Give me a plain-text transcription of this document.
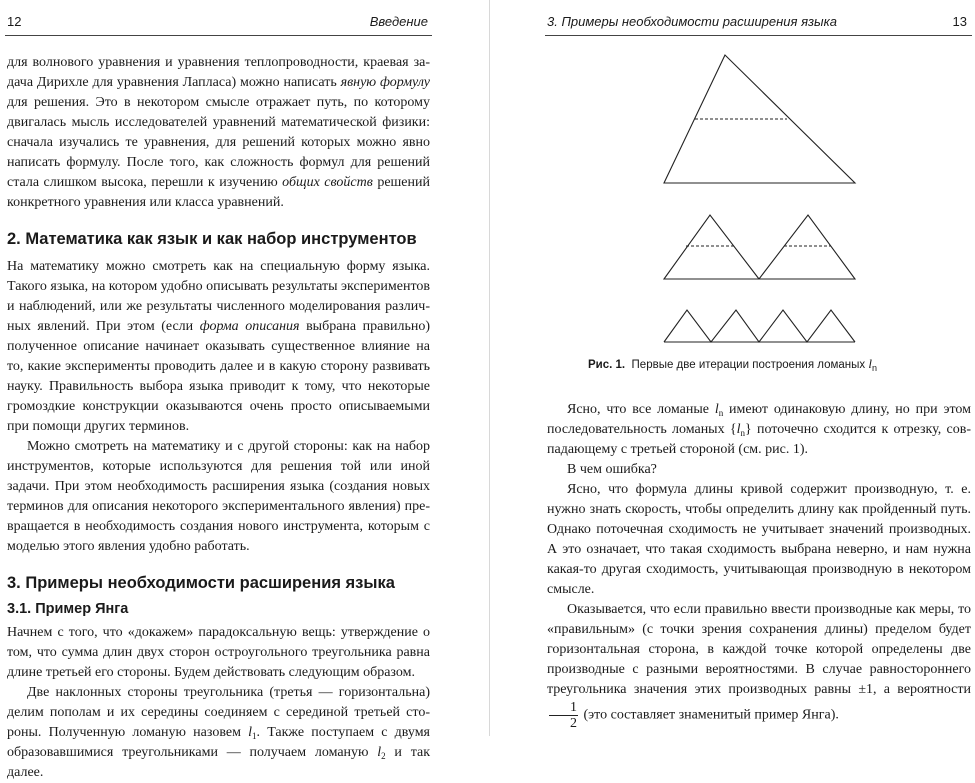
12	Введение

для волнового уравнения и уравнения теплопроводности, краевая за- дача Дирихле для уравнения Лапласа) можно написать явную формулу для решения. Это в некотором смысле отражает путь, по которому двигалась мысль исследователей уравнений математической физики: сначала изучались те уравнения, для решений которых можно явно написать формулу. После того, как сложность формул для решений стала слишком высока, перешли к изучению общих свойств решений конкретного уравнения или класса уравнений.

2. Математика как язык и как набор инструментов

На математику можно смотреть как на специальную форму языка. Такого языка, на котором удобно описывать результаты экспериментов и наблюдений, или же результаты численного моделирования различ- ных явлений. При этом (если форма описания выбрана правильно) полученное описание начинает оказывать существенное влияние на то, какие эксперименты проводить далее и в какую сторону развивать науку. Правильность выбора языка приводит к тому, что некоторые громоздкие конструкции оказываются очень просто описываемыми при помощи других терминов.

Можно смотреть на математику и с другой стороны: как на набор инструментов, которые используются для решения той или иной задачи. При этом необходимость расширения языка (создания новых терминов для описания некоторого экспериментального явления) пре- вращается в необходимость создания нового инструмента, которым с моделью этого явления удобно работать.

3. Примеры необходимости расширения языка
3.1. Пример Янга

Начнем с того, что «докажем» парадоксальную вещь: утверждение о том, что сумма длин двух сторон остроугольного треугольника равна длине третьей его стороны. Будем действовать следующим образом.

Две наклонных стороны треугольника (третья — горизонтальна) делим пополам и их середины соединяем с серединой третьей сто- роны. Полученную ломаную назовем $l_1$. Также поступаем с двумя образовавшимися треугольниками — получаем ломаную $l_2$ и так далее.

3. Примеры необходимости расширения языка	13
Рис. 1. Первые две итерации построения ломаных $l_n$

Ясно, что все ломаные $l_n$ имеют одинаковую длину, но при этом последовательность ломаных $\{l_n\}$ поточечно сходится к отрезку, сов- падающему с третьей стороной (см. рис. 1).

В чем ошибка?

Ясно, что формула длины кривой содержит производную, т. е. нужно знать скорость, чтобы определить длину как пройденный путь. Однако поточечная сходимость не учитывает значений производных. А это означает, что такая сходимость выбрана неверно, и нам нужна какая-то другая сходимость, учитывающая производную в некотором смысле.

Оказывается, что если правильно ввести производные как меры, то «правильным» (с точки зрения сохранения длины) пределом будет горизонтальная сторона, в каждой точке которой определены две производные с разными вероятностями. В случае равностороннего треугольника значения этих производных равны ±1, а вероятности
$\frac{1}{2} (это$ составляет знаменитый пример Янга).
